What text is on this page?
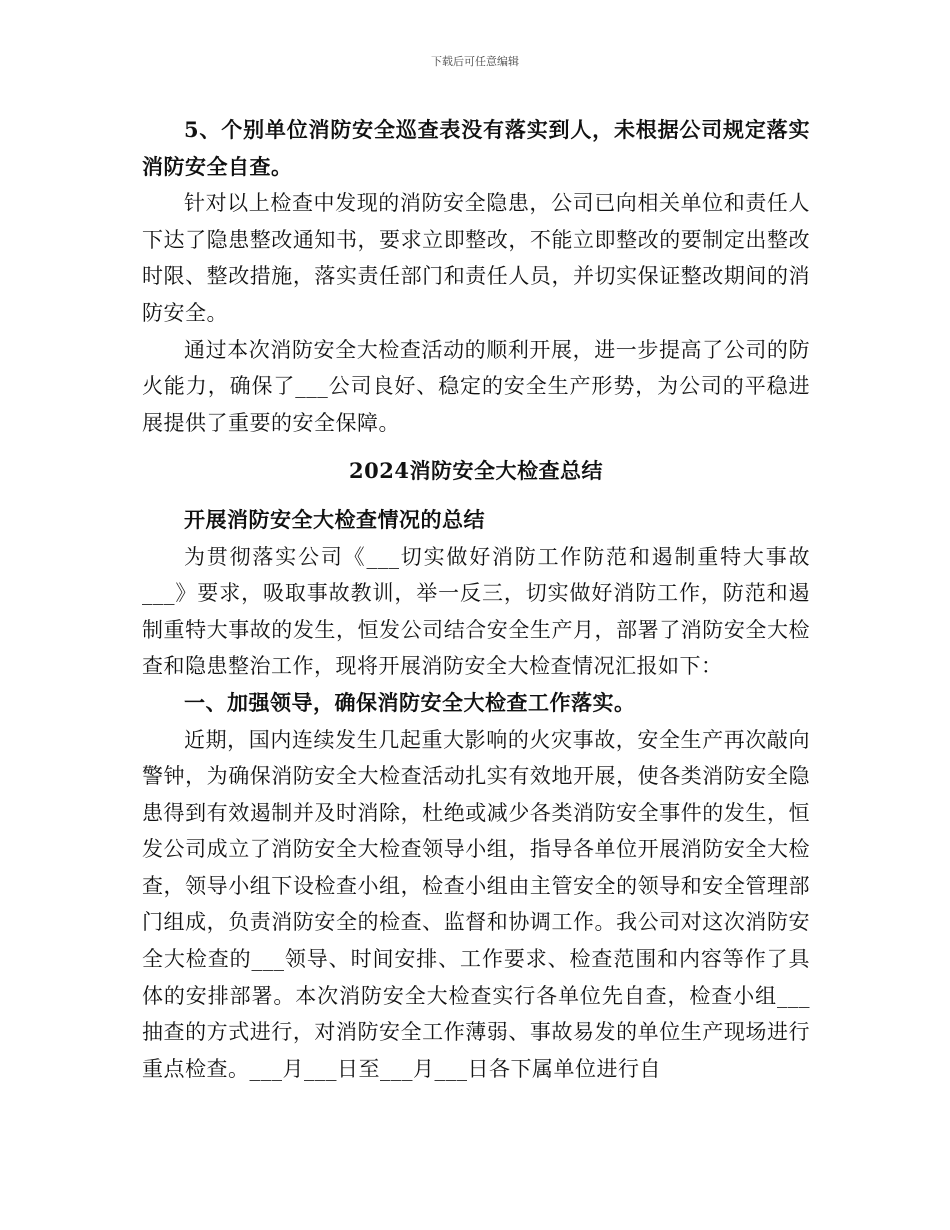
下载后可任意编辑

5、个别单位消防安全巡查表没有落实到人，未根据公司规定落实消防安全自查。

针对以上检查中发现的消防安全隐患，公司已向相关单位和责任人下达了隐患整改通知书，要求立即整改，不能立即整改的要制定出整改时限、整改措施，落实责任部门和责任人员，并切实保证整改期间的消防安全。

通过本次消防安全大检查活动的顺利开展，进一步提高了公司的防火能力，确保了___公司良好、稳定的安全生产形势，为公司的平稳进展提供了重要的安全保障。

2024消防安全大检查总结

开展消防安全大检查情况的总结

为贯彻落实公司《___切实做好消防工作防范和遏制重特大事故___》要求，吸取事故教训，举一反三，切实做好消防工作，防范和遏制重特大事故的发生，恒发公司结合安全生产月，部署了消防安全大检查和隐患整治工作，现将开展消防安全大检查情况汇报如下：

一、加强领导，确保消防安全大检查工作落实。

近期，国内连续发生几起重大影响的火灾事故，安全生产再次敲向警钟，为确保消防安全大检查活动扎实有效地开展，使各类消防安全隐患得到有效遏制并及时消除，杜绝或减少各类消防安全事件的发生，恒发公司成立了消防安全大检查领导小组，指导各单位开展消防安全大检查，领导小组下设检查小组，检查小组由主管安全的领导和安全管理部门组成，负责消防安全的检查、监督和协调工作。我公司对这次消防安全大检查的___领导、时间安排、工作要求、检查范围和内容等作了具体的安排部署。本次消防安全大检查实行各单位先自查，检查小组___抽查的方式进行，对消防安全工作薄弱、事故易发的单位生产现场进行重点检查。___月___日至___月___日各下属单位进行自
